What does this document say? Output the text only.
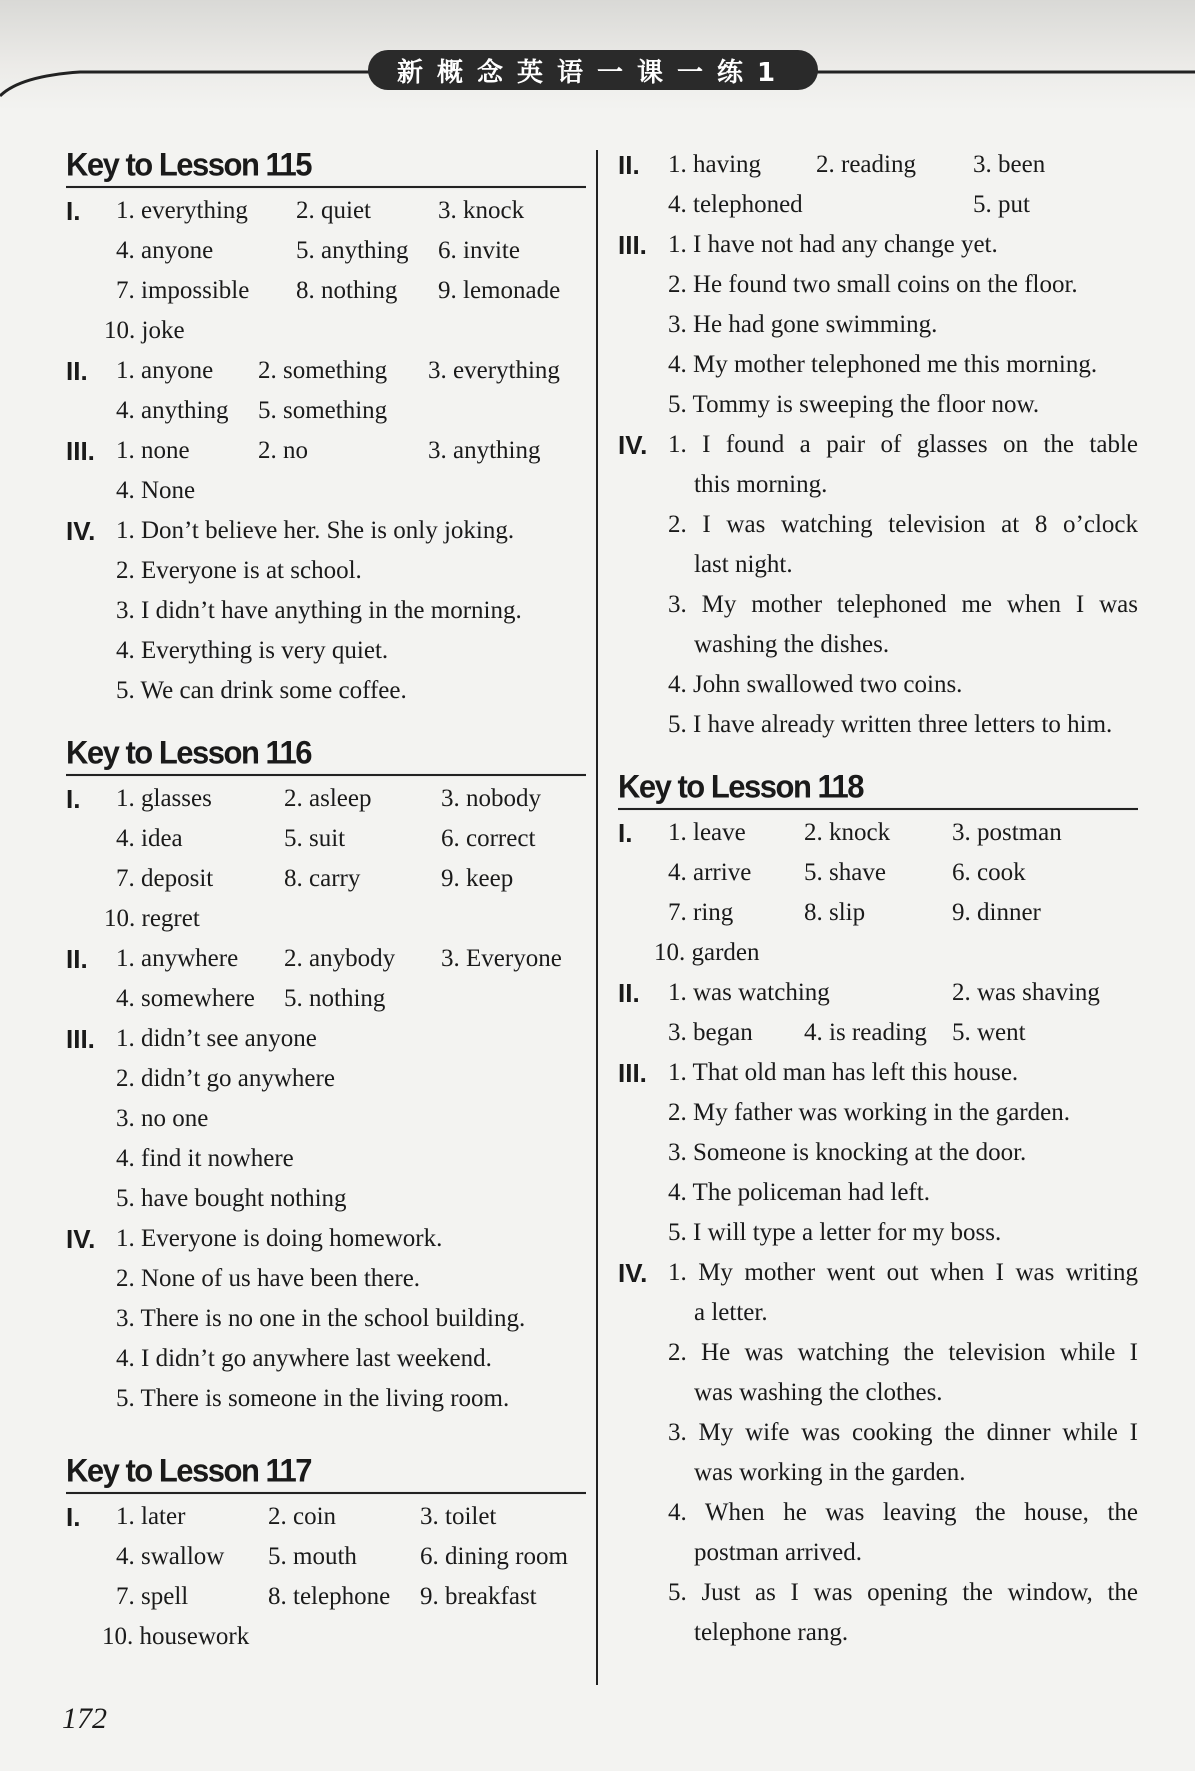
新概念英语一课一练1
Key to Lesson 115
I.	1. everything	2. quiet	3. knock
4. anyone	5. anything	6. invite
7. impossible	8. nothing	9. lemonade
10. joke
II.	1. anyone	2. something	3. everything
4. anything	5. something
III. 1. none	2. no	3. anything
4. None
IV. 1. Don’t believe her. She is only joking.
2. Everyone is at school.
3. I didn’t have anything in the morning.
4. Everything is very quiet.
5. We can drink some coffee.
Key to Lesson 116
I.	1. glasses	2. asleep	3. nobody
4. idea	5. suit	6. correct
7. deposit	8. carry	9. keep
10. regret
II.	1. anywhere	2. anybody	3. Everyone
4. somewhere	5. nothing
III. 1. didn’t see anyone
2. didn’t go anywhere
3. no one
4. find it nowhere
5. have bought nothing
IV. 1. Everyone is doing homework.
2. None of us have been there.
3. There is no one in the school building.
4. I didn’t go anywhere last weekend.
5. There is someone in the living room.
Key to Lesson 117
I.	1. later	2. coin	3. toilet
4. swallow	5. mouth	6. dining room
7. spell	8. telephone	9. breakfast
10. housework
II.	1. having	2. reading	3. been
4. telephoned	5. put
III. 1. I have not had any change yet.
2. He found two small coins on the floor.
3. He had gone swimming.
4. My mother telephoned me this morning.
5. Tommy is sweeping the floor now.
IV. 1. I found a pair of glasses on the table
this morning.
2. I was watching television at 8 o’clock
last night.
3. My mother telephoned me when I was
washing the dishes.
4. John swallowed two coins.
5. I have already written three letters to him.
Key to Lesson 118
I.	1. leave	2. knock	3. postman
4. arrive	5. shave	6. cook
7. ring	8. slip	9. dinner
10. garden
II.	1. was watching	2. was shaving
3. began	4. is reading	5. went
III. 1. That old man has left this house.
2. My father was working in the garden.
3. Someone is knocking at the door.
4. The policeman had left.
5. I will type a letter for my boss.
IV. 1. My mother went out when I was writing
a letter.
2. He was watching the television while I
was washing the clothes.
3. My wife was cooking the dinner while I
was working in the garden.
4. When he was leaving the house, the
postman arrived.
5. Just as I was opening the window, the
telephone rang.
172
